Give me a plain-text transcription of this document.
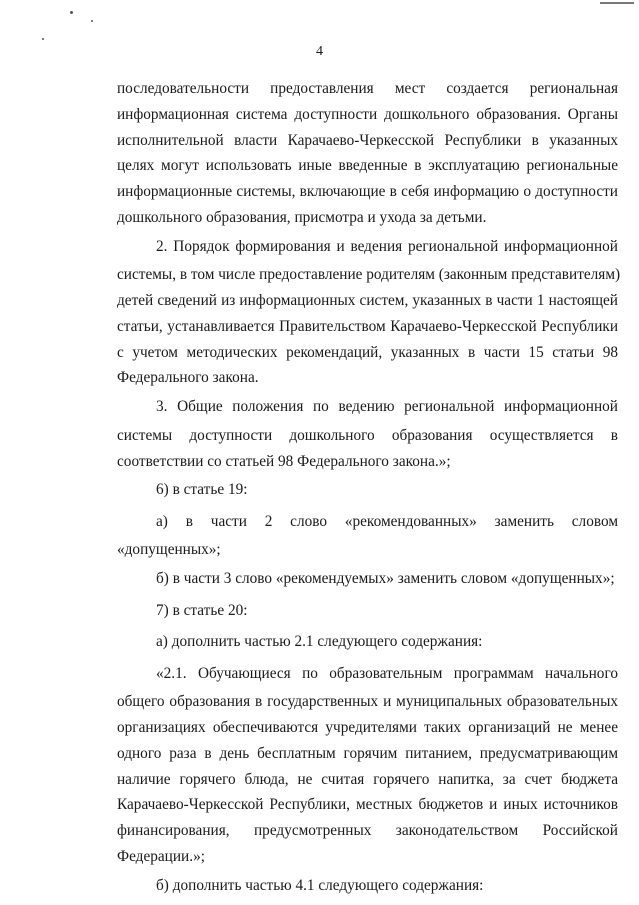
4
последовательности предоставления мест создается региональная
информационная система доступности дошкольного образования. Органы
исполнительной власти Карачаево-Черкесской Республики в указанных
целях могут использовать иные введенные в эксплуатацию региональные
информационные системы, включающие в себя информацию о доступности
дошкольного образования, присмотра и ухода за детьми.
2. Порядок формирования и ведения региональной информационной
системы, в том числе предоставление родителям (законным представителям)
детей сведений из информационных систем, указанных в части 1 настоящей
статьи, устанавливается Правительством Карачаево-Черкесской Республики
с учетом методических рекомендаций, указанных в части 15 статьи 98
Федерального закона.
3. Общие положения по ведению региональной информационной
системы доступности дошкольного образования осуществляется в
соответствии со статьей 98 Федерального закона.»;
6) в статье 19:
а) в части 2 слово «рекомендованных» заменить словом
«допущенных»;
б) в части 3 слово «рекомендуемых» заменить словом «допущенных»;
7) в статье 20:
а) дополнить частью 2.1 следующего содержания:
«2.1. Обучающиеся по образовательным программам начального
общего образования в государственных и муниципальных образовательных
организациях обеспечиваются учредителями таких организаций не менее
одного раза в день бесплатным горячим питанием, предусматривающим
наличие горячего блюда, не считая горячего напитка, за счет бюджета
Карачаево-Черкесской Республики, местных бюджетов и иных источников
финансирования, предусмотренных законодательством Российской
Федерации.»;
б) дополнить частью 4.1 следующего содержания:
